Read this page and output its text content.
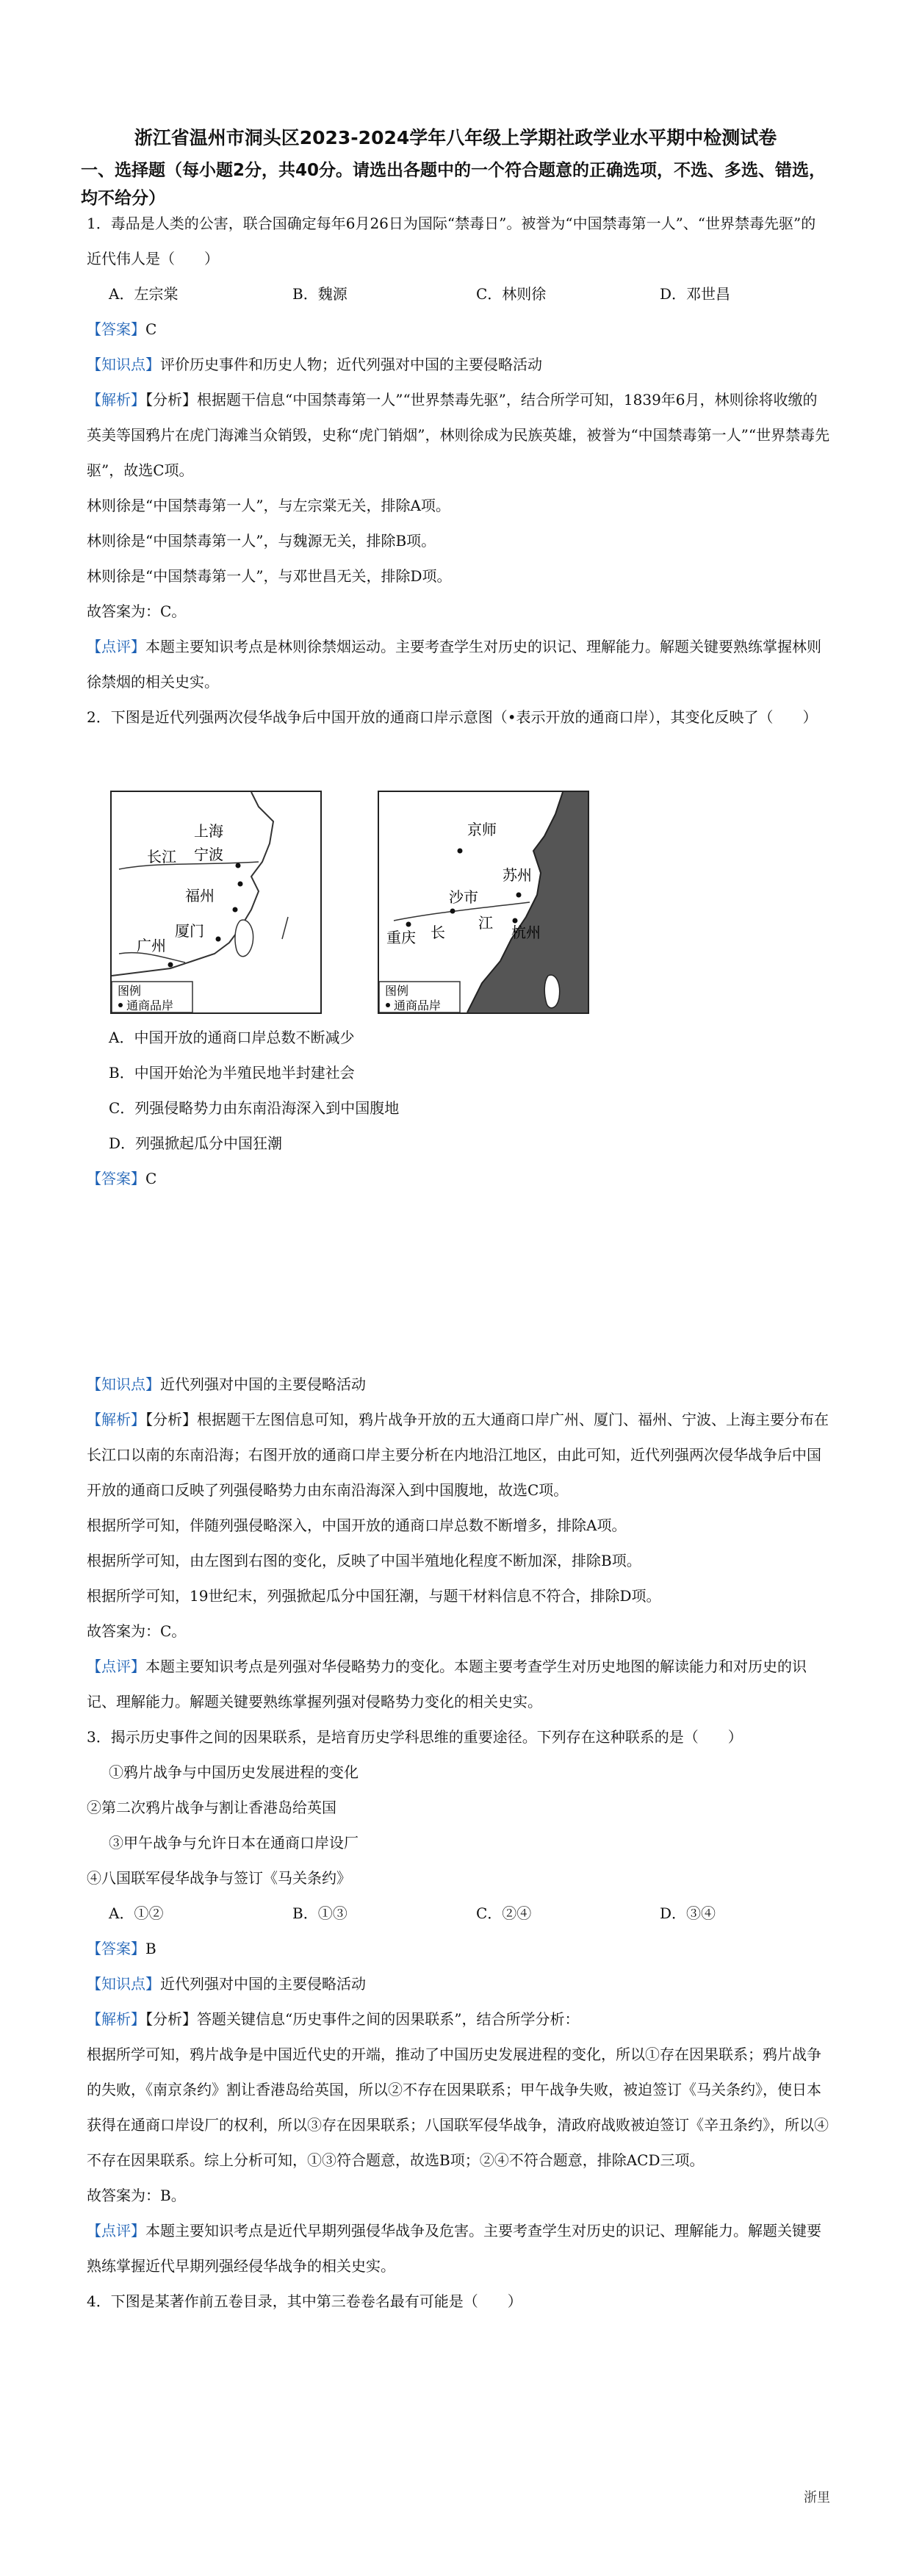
浙江省温州市洞头区2023-2024学年八年级上学期社政学业水平期中检测试卷
一、选择题（每小题2分，共40分。请选出各题中的一个符合题意的正确选项，不选、多选、错选，均不给分）

1．毒品是人类的公害，联合国确定每年6月26日为国际“禁毒日”。被誉为“中国禁毒第一人”、“世界禁毒先驱”的近代伟人是（　　）

A．左宗棠	B．魏源	C．林则徐	D．邓世昌

【答案】C

【知识点】评价历史事件和历史人物；近代列强对中国的主要侵略活动

【解析】【分析】根据题干信息“中国禁毒第一人”“世界禁毒先驱”，结合所学可知，1839年6月，林则徐将收缴的英美等国鸦片在虎门海滩当众销毁，史称“虎门销烟”，林则徐成为民族英雄，被誉为“中国禁毒第一人”“世界禁毒先驱”，故选C项。

林则徐是“中国禁毒第一人”，与左宗棠无关，排除A项。

林则徐是“中国禁毒第一人”，与魏源无关，排除B项。

林则徐是“中国禁毒第一人”，与邓世昌无关，排除D项。

故答案为：C。

【点评】本题主要知识考点是林则徐禁烟运动。主要考查学生对历史的识记、理解能力。解题关键要熟练掌握林则徐禁烟的相关史实。

2．下图是近代列强两次侵华战争后中国开放的通商口岸示意图（•表示开放的通商口岸），其变化反映了（　　）

上海
长江 宁波
福州
厦门
广州
图例
通商品岸
京师
苏州
沙市
重庆 长
江
杭州
图例
通商品岸

A．中国开放的通商口岸总数不断减少

B．中国开始沦为半殖民地半封建社会

C．列强侵略势力由东南沿海深入到中国腹地

D．列强掀起瓜分中国狂潮

【答案】C

【知识点】近代列强对中国的主要侵略活动

【解析】【分析】根据题干左图信息可知，鸦片战争开放的五大通商口岸广州、厦门、福州、宁波、上海主要分布在长江口以南的东南沿海；右图开放的通商口岸主要分析在内地沿江地区，由此可知，近代列强两次侵华战争后中国开放的通商口反映了列强侵略势力由东南沿海深入到中国腹地，故选C项。

根据所学可知，伴随列强侵略深入，中国开放的通商口岸总数不断增多，排除A项。

根据所学可知，由左图到右图的变化，反映了中国半殖地化程度不断加深，排除B项。

根据所学可知，19世纪末，列强掀起瓜分中国狂潮，与题干材料信息不符合，排除D项。

故答案为：C。

【点评】本题主要知识考点是列强对华侵略势力的变化。本题主要考查学生对历史地图的解读能力和对历史的识记、理解能力。解题关键要熟练掌握列强对侵略势力变化的相关史实。

3．揭示历史事件之间的因果联系，是培育历史学科思维的重要途径。下列存在这种联系的是（　　）

①鸦片战争与中国历史发展进程的变化

②第二次鸦片战争与割让香港岛给英国

③甲午战争与允许日本在通商口岸设厂

④八国联军侵华战争与签订《马关条约》

A．①②	B．①③	C．②④	D．③④

【答案】B

【知识点】近代列强对中国的主要侵略活动

【解析】【分析】答题关键信息“历史事件之间的因果联系”，结合所学分析：

根据所学可知，鸦片战争是中国近代史的开端，推动了中国历史发展进程的变化，所以①存在因果联系；鸦片战争的失败，《南京条约》割让香港岛给英国，所以②不存在因果联系；甲午战争失败，被迫签订《马关条约》，使日本获得在通商口岸设厂的权利，所以③存在因果联系；八国联军侵华战争，清政府战败被迫签订《辛丑条约》，所以④不存在因果联系。综上分析可知，①③符合题意，故选B项；②④不符合题意，排除ACD三项。

故答案为：B。

【点评】本题主要知识考点是近代早期列强侵华战争及危害。主要考查学生对历史的识记、理解能力。解题关键要熟练掌握近代早期列强经侵华战争的相关史实。

4．下图是某著作前五卷目录，其中第三卷卷名最有可能是（　　）

浙里
